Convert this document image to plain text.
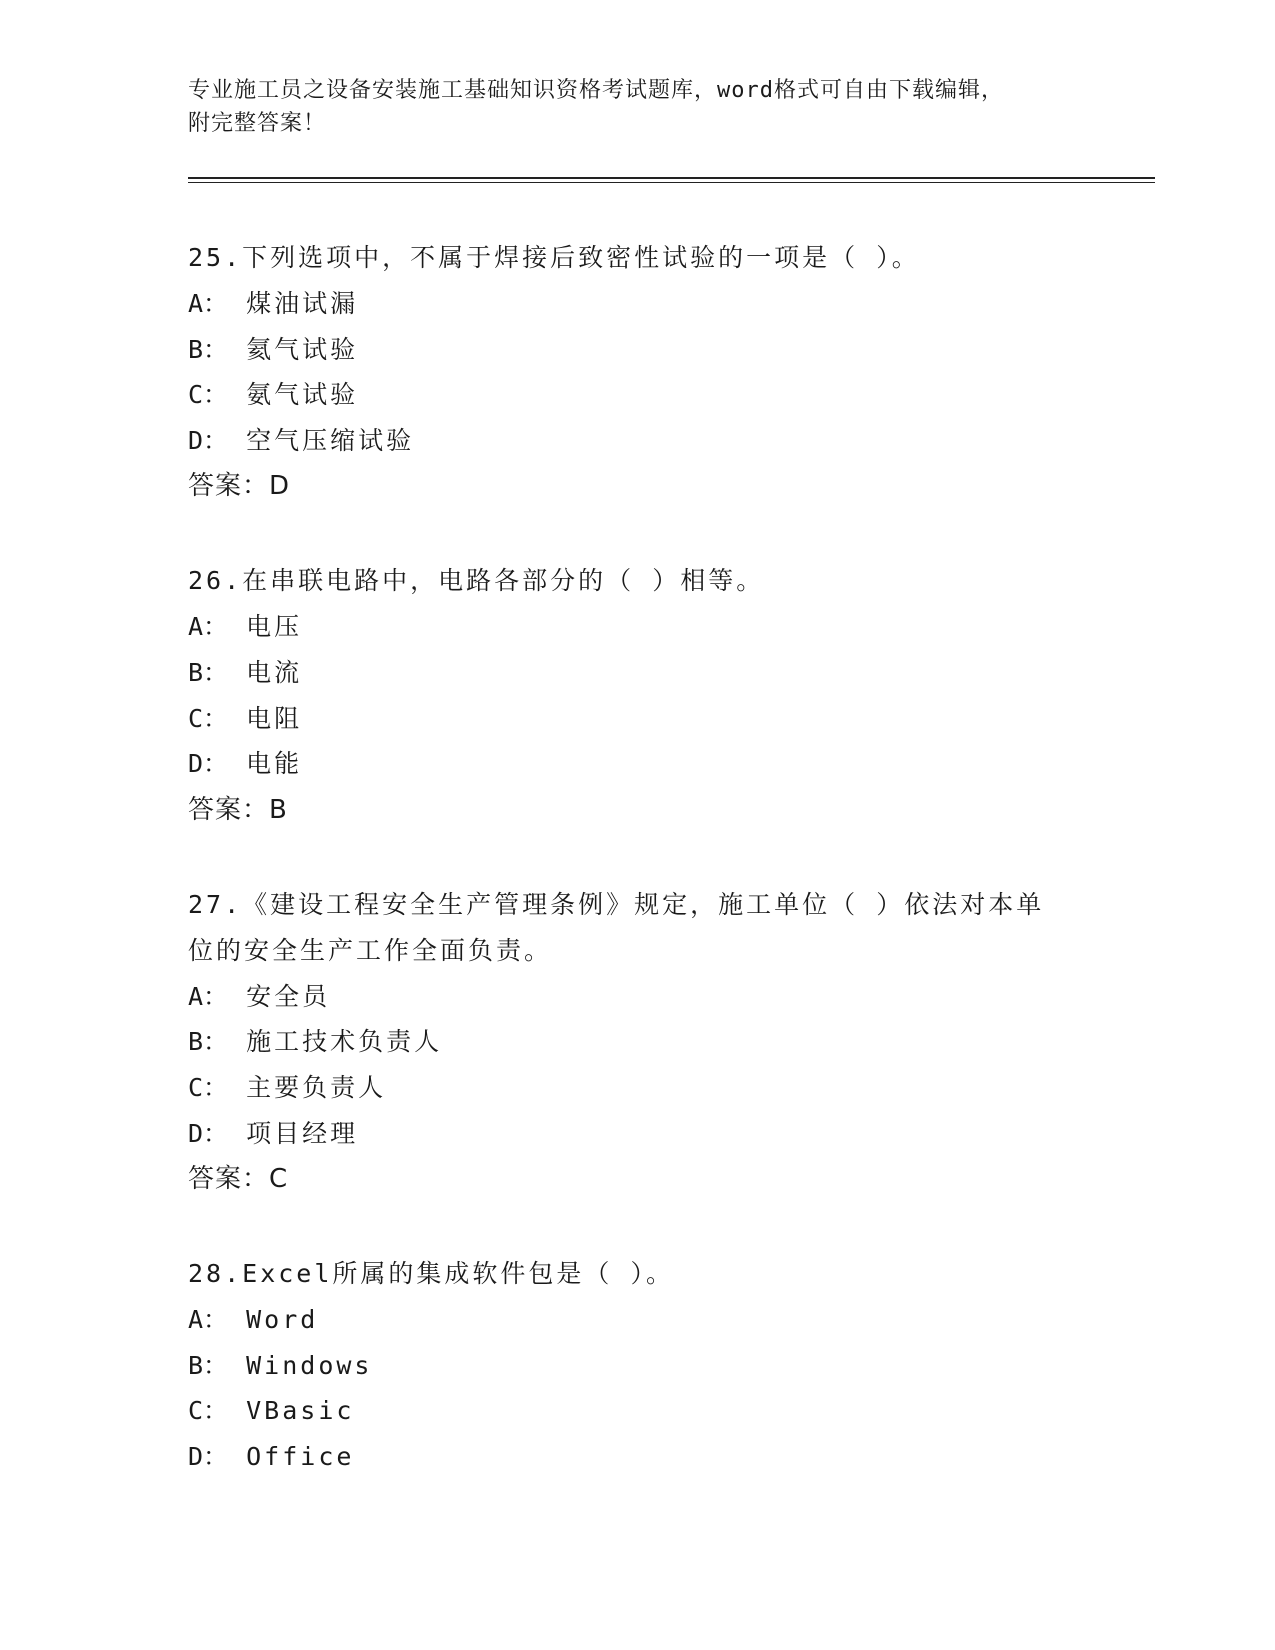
专业施工员之设备安装施工基础知识资格考试题库，word格式可自由下载编辑，
附完整答案！
25.下列选项中，不属于焊接后致密性试验的一项是（ ）。
A： 煤油试漏
B： 氦气试验
C： 氨气试验
D： 空气压缩试验
答案：D
26.在串联电路中，电路各部分的（ ）相等。
A： 电压
B： 电流
C： 电阻
D： 电能
答案：B
27.《建设工程安全生产管理条例》规定，施工单位（ ）依法对本单位的安全生产工作全面负责。
A： 安全员
B： 施工技术负责人
C： 主要负责人
D： 项目经理
答案：C
28.Excel所属的集成软件包是（ ）。
A： Word
B： Windows
C： VBasic
D： Office
